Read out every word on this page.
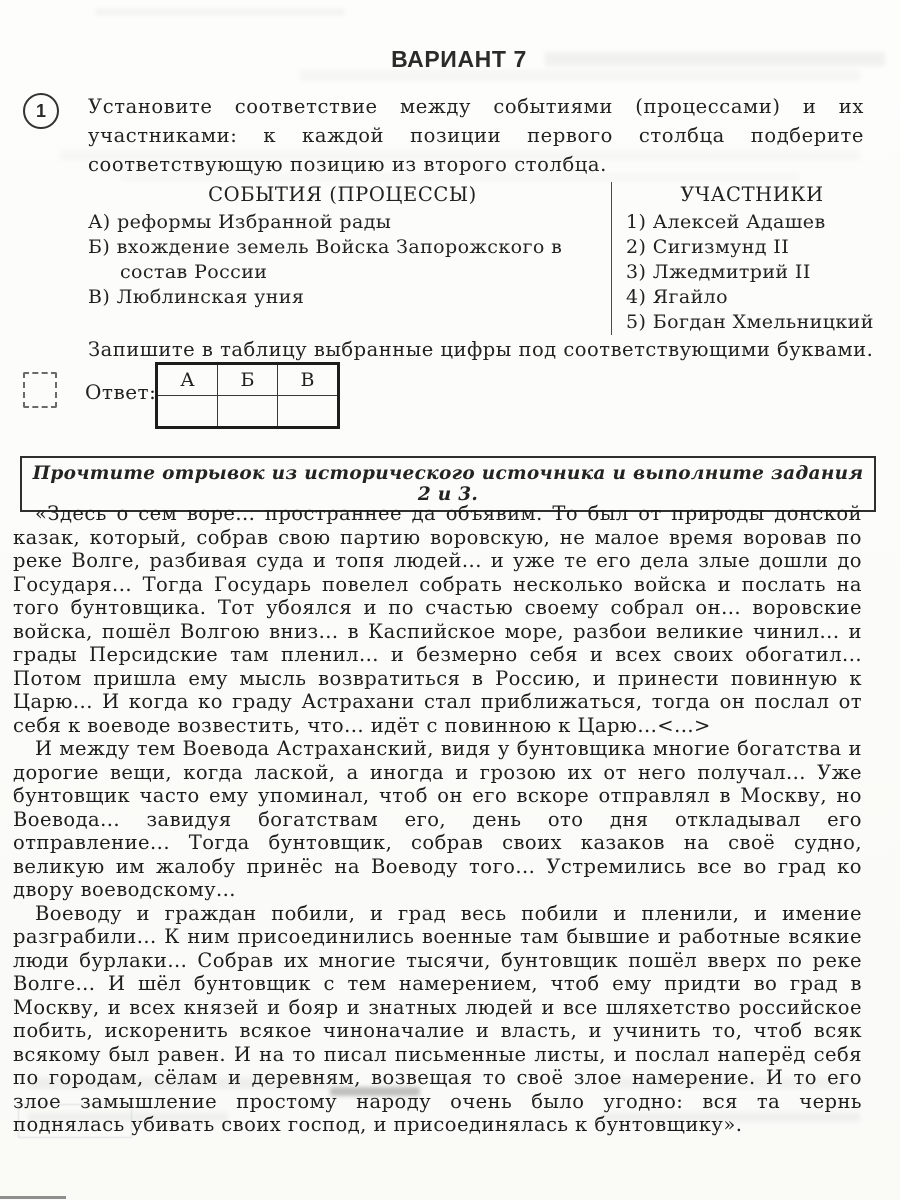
ВАРИАНТ 7
1	Установите соответствие между событиями (процессами) и их участниками: к каждой позиции первого столбца подберите соответствующую позицию из второго столбца.
СОБЫТИЯ (ПРОЦЕССЫ)
А) реформы Избранной рады
Б) вхождение земель Войска Запорожского в состав России
В) Люблинская уния
УЧАСТНИКИ
1) Алексей Адашев
2) Сигизмунд II
3) Лжедмитрий II
4) Ягайло
5) Богдан Хмельницкий
Запишите в таблицу выбранные цифры под соответствующими буквами.
Ответ: А	Б	В

Прочтите отрывок из исторического источника и выполните задания 2 и 3.

«Здесь о сем воре... пространнее да объявим. То был от природы донской казак, который, собрав свою партию воровскую, не малое время воровав по реке Волге, разбивая суда и топя людей... и уже те его дела злые дошли до Государя... Тогда Государь повелел собрать несколько войска и послать на того бунтовщика. Тот убоялся и по счастью своему собрал он... воровские войска, пошёл Волгою вниз... в Каспийское море, разбои великие чинил... и грады Персидские там пленил... и безмерно себя и всех своих обогатил... Потом пришла ему мысль возвратиться в Россию, и принести повинную к Царю... И когда ко граду Астрахани стал приближаться, тогда он послал от себя к воеводе возвестить, что... идёт с повинною к Царю...<...>

И между тем Воевода Астраханский, видя у бунтовщика многие богатства и дорогие вещи, когда лаской, а иногда и грозою их от него получал... Уже бунтовщик часто ему упоминал, чтоб он его вскоре отправлял в Москву, но Воевода... завидуя богатствам его, день ото дня откладывал его отправление... Тогда бунтовщик, собрав своих казаков на своё судно, великую им жалобу принёс на Воеводу того... Устремились все во град ко двору воеводскому...

Воеводу и граждан побили, и град весь побили и пленили, и имение разграбили... К ним присоединились военные там бывшие и работные всякие люди бурлаки... Собрав их многие тысячи, бунтовщик пошёл вверх по реке Волге... И шёл бунтовщик с тем намерением, чтоб ему придти во град в Москву, и всех князей и бояр и знатных людей и все шляхетство российское побить, искоренить всякое чиноначалие и власть, и учинить то, чтоб всяк всякому был равен. И на то писал письменные листы, и послал наперёд себя по городам, сёлам и деревням, возвещая то своё злое намерение. И то его злое замышление простому народу очень было угодно: вся та чернь поднялась убивать своих господ, и присоединялась к бунтовщику».
